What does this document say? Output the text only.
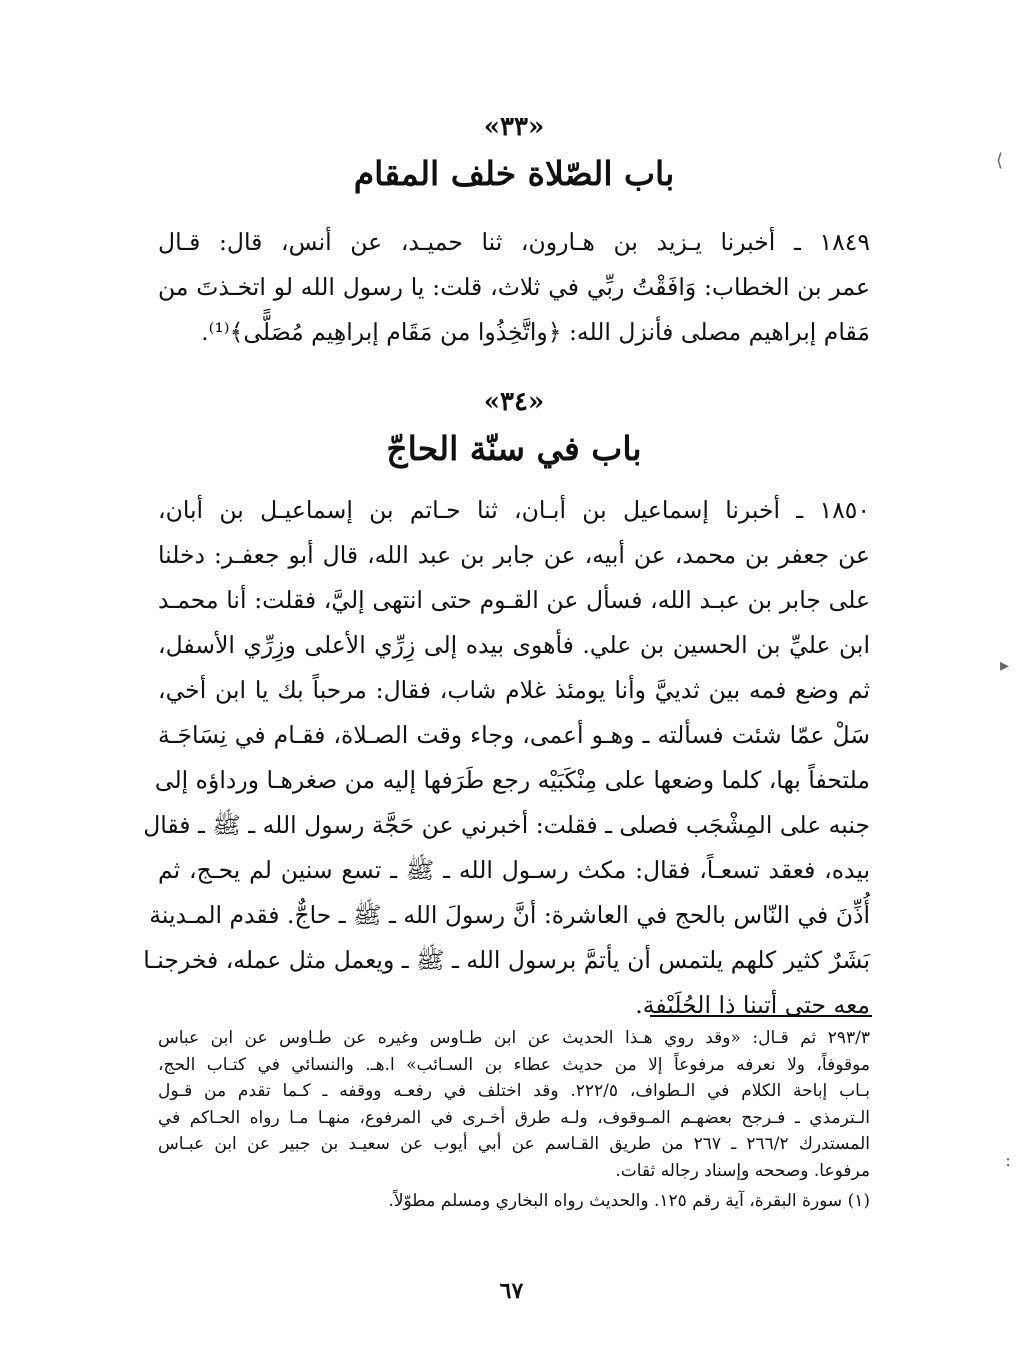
«٣٣»
باب الصّلاة خلف المقام
١٨٤٩ ـ أخبرنا يـزيد بن هـارون، ثنا حميـد، عن أنس، قال: قـال
عمر بن الخطاب: وَافَقْتُ ربِّي في ثلاث، قلت: يا رسول الله لو اتخـذتَ من
مَقام إبراهيم مصلى فأنزل الله: ﴿واتَّخِذُوا من مَقَام إبراهِيم مُصَلًّى﴾⁽¹⁾.
«٣٤»
باب في سنّة الحاجّ
١٨٥٠ ـ أخبرنا إسماعيل بن أبـان، ثنا حـاتم بن إسماعيـل بن أبان،
عن جعفر بن محمد، عن أبيه، عن جابر بن عبد الله، قال أبو جعفـر: دخلنا
على جابر بن عبـد الله، فسأل عن القـوم حتى انتهى إليَّ، فقلت: أنا محمـد
ابن عليِّ بن الحسين بن علي. فأهوى بيده إلى زِرِّي الأعلى وزِرِّي الأسفل،
ثم وضع فمه بين ثدييَّ وأنا يومئذ غلام شاب، فقال: مرحباً بك يا ابن أخي،
سَلْ عمّا شئت فسألته ـ وهـو أعمى، وجاء وقت الصـلاة، فقـام في نِسَاجَـة
ملتحفاً بها، كلما وضعها على مِنْكَبَيْه رجع طَرَفها إليه من صغرهـا ورداؤه إلى
جنبه على المِشْجَب فصلى ـ فقلت: أخبرني عن حَجَّة رسول الله ـ ﷺ ـ فقال
بيده، فعقد تسعـاً، فقال: مكث رسـول الله ـ ﷺ ـ تسع سنين لم يحـج، ثم
أُذِّنَ في النّاس بالحج في العاشرة: أنَّ رسولَ الله ـ ﷺ ـ حاجٌّ. فقدم المـدينة
بَشَرٌ كثير كلهم يلتمس أن يأتمَّ برسول الله ـ ﷺ ـ ويعمل مثل عمله، فخرجنـا
معه حتى أتينا ذا الحُلَيْفة.
٢٩٣/٣ ثم قـال: «وقد روي هـذا الحديث عن ابن طـاوس وغيره عن طـاوس عن ابن عباس
موقوفاً، ولا نعرفه مرفوعاً إلا من حديث عطاء بن السـائب» ا.هـ. والنسائي في كتـاب الحج،
بـاب إباحة الكلام في الـطواف، ٢٢٢/٥. وقد اختلف في رفعـه ووقفه ـ كـما تقدم من قـول
الـترمذي ـ فـرجح بعضهـم المـوقوف، ولـه طرق أخـرى في المرفوع، منهـا مـا رواه الحـاكم في
المستدرك ٢٦٦/٢ ـ ٢٦٧ من طريق القـاسم عن أبي أيوب عن سعيـد بن جبير عن ابن عبـاس
مرفوعا. وصححه وإسناد رجاله ثقات.
(١) سورة البقرة، آية رقم ١٢٥. والحديث رواه البخاري ومسلم مطوّلاً.
٦٧
⟨
▸
:
